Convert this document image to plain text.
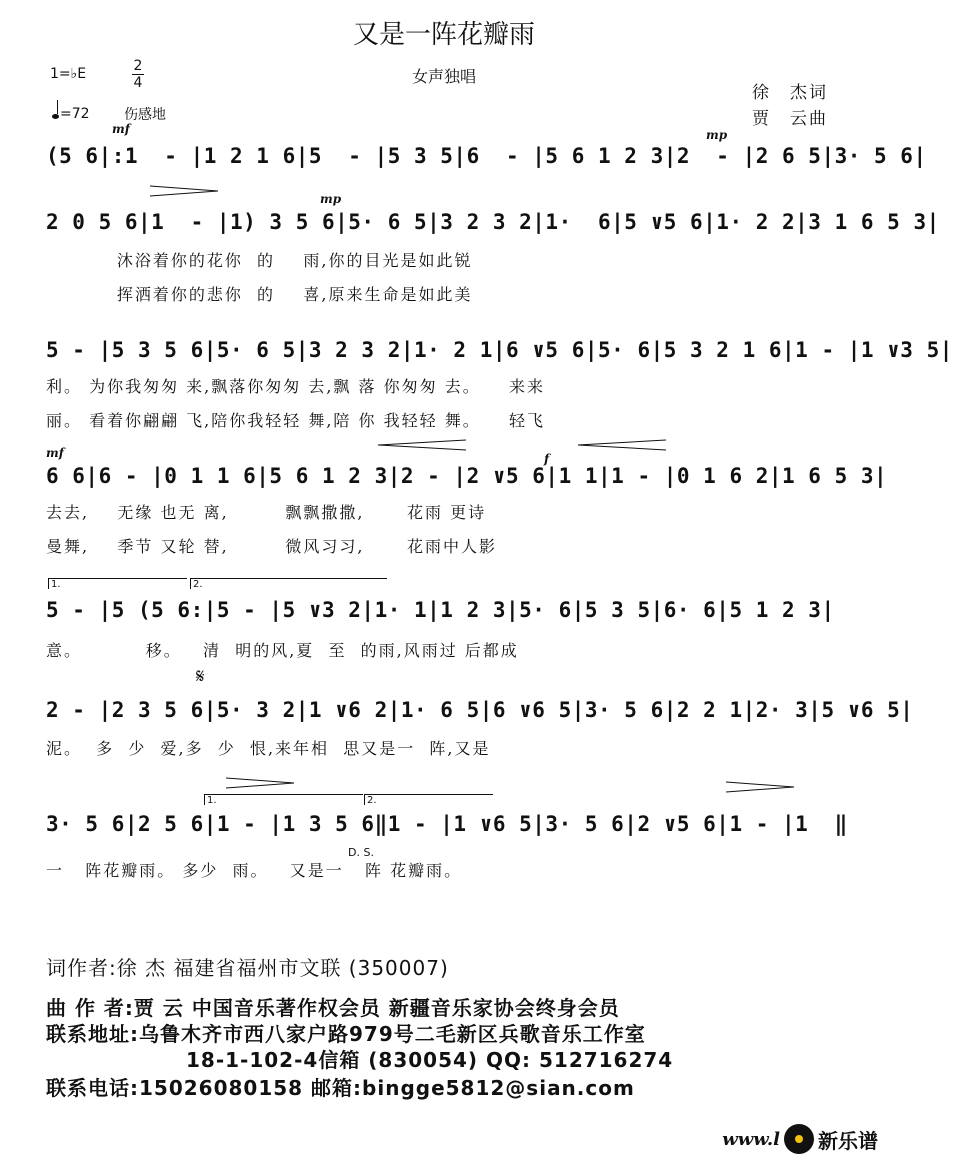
又是一阵花瓣雨
女声独唱
徐　杰词
贾　云曲
1=♭E	2
4
=72 伤感地
mf	mp
mp
mf	f
𝄋
D. S.
1.	2.
1.	2.
(5 6|:1  - |1 2 1 6|5  - |5 3 5|6  - |5 6 1 2 3|2  - |2 6 5|3· 5 6|
2 0 5 6|1  - |1) 3 5 6|5· 6 5|3 2 3 2|1·  6|5 ∨5 6|1· 2 2|3 1 6 5 3|
沐浴着你的花你  的    雨,你的目光是如此锐
挥洒着你的悲你  的    喜,原来生命是如此美
5 - |5 3 5 6|5· 6 5|3 2 3 2|1· 2 1|6 ∨5 6|5· 6|5 3 2 1 6|1 - |1 ∨3 5|
利。 为你我匆匆 来,飘落你匆匆 去,飘 落 你匆匆 去。    来来
丽。 看着你翩翩 飞,陪你我轻轻 舞,陪 你 我轻轻 舞。    轻飞
6 6|6 - |0 1 1 6|5 6 1 2 3|2 - |2 ∨5 6|1 1|1 - |0 1 6 2|1 6 5 3|
去去,    无缘 也无 离,        飘飘撒撒,      花雨 更诗
曼舞,    季节 又轮 替,        微风习习,      花雨中人影
5 - |5 (5 6:|5 - |5 ∨3 2|1· 1|1 2 3|5· 6|5 3 5|6· 6|5 1 2 3|
意。         移。   清  明的风,夏  至  的雨,风雨过 后都成
2 - |2 3 5 6|5· 3 2|1 ∨6 2|1· 6 5|6 ∨6 5|3· 5 6|2 2 1|2· 3|5 ∨6 5|
泥。  多  少  爱,多  少  恨,来年相  思又是一  阵,又是
3· 5 6|2 5 6|1 - |1 3 5 6‖1 - |1 ∨6 5|3· 5 6|2 ∨5 6|1 - |1  ‖
一   阵花瓣雨。 多少  雨。   又是一   阵 花瓣雨。
词作者:徐 杰 福建省福州市文联 (350007)
曲 作 者:贾 云 中国音乐著作权会员 新疆音乐家协会终身会员
联系地址:乌鲁木齐市西八家户路979号二毛新区兵歌音乐工作室
18-1-102-4信箱 (830054) QQ: 512716274
联系电话:15026080158 邮箱:bingge5812@sian.com
www.l 新乐谱
